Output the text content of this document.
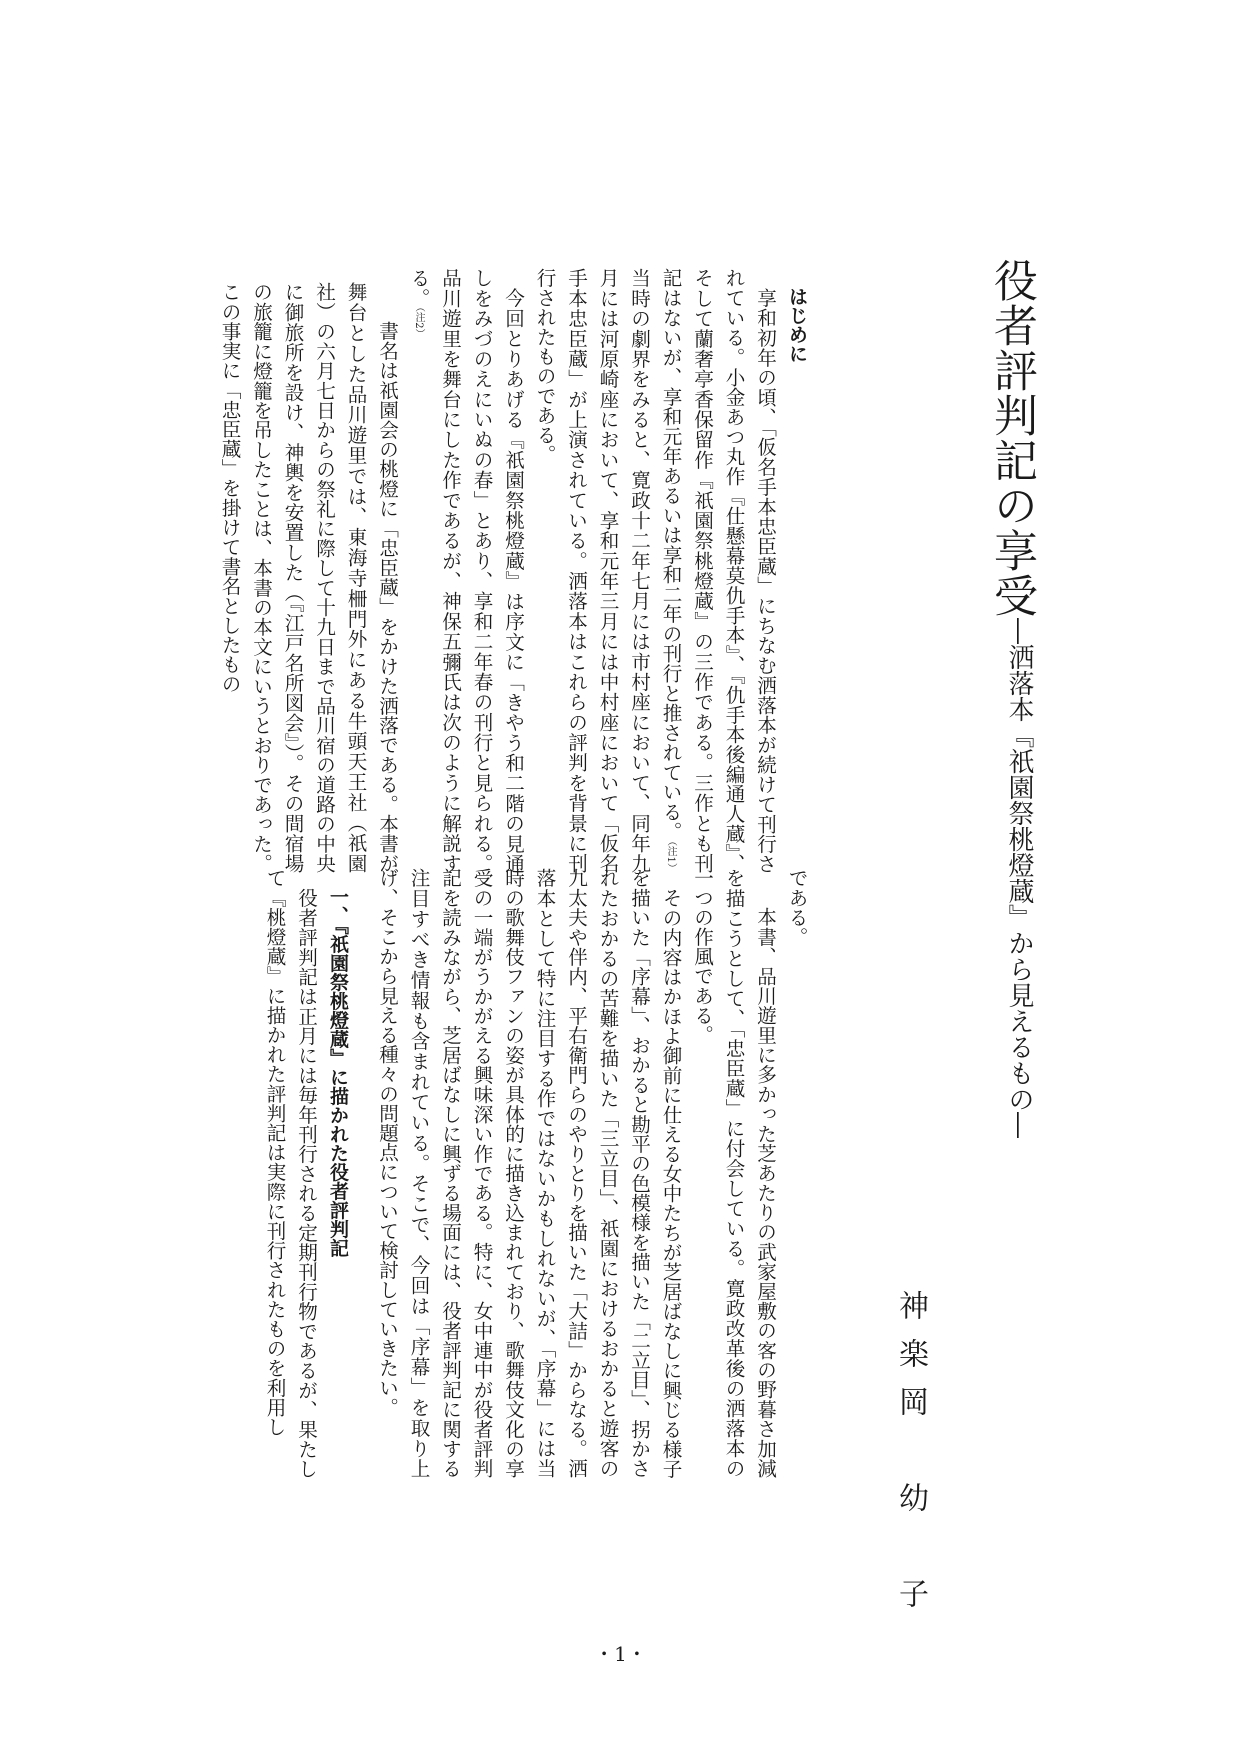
役者評判記の享受
―洒落本『祇園祭桃燈蔵』から見えるもの―
神楽岡　幼　子

はじめに

享和初年の頃、「仮名手本忠臣蔵」にちなむ洒落本が続けて刊行されている。小金あつ丸作『仕懸幕莫仇手本』、『仇手本後編通人蔵』、そして蘭奢亭香保留作『祇園祭桃燈蔵』の三作である。三作とも刊記はないが、享和元年あるいは享和二年の刊行と推されている。（注1）当時の劇界をみると、寛政十二年七月には市村座において、同年九月には河原崎座において、享和元年三月には中村座において「仮名手本忠臣蔵」が上演されている。洒落本はこれらの評判を背景に刊行されたものである。

今回とりあげる『祇園祭桃燈蔵』は序文に「きやう和二階の見通しをみづのえにいぬの春」とあり、享和二年春の刊行と見られる。品川遊里を舞台にした作であるが、神保五彌氏は次のように解説する。（注2）

書名は祇園会の桃燈に「忠臣蔵」をかけた洒落である。本書が舞台とした品川遊里では、東海寺柵門外にある牛頭天王社（祇園社）の六月七日からの祭礼に際して十九日まで品川宿の道路の中央に御旅所を設け、神輿を安置した（『江戸名所図会』）。その間宿場の旅籠に燈籠を吊したことは、本書の本文にいうとおりであった。この事実に「忠臣蔵」を掛けて書名としたもの

である。

本書、品川遊里に多かった芝あたりの武家屋敷の客の野暮さ加減を描こうとして、「忠臣蔵」に付会している。寛政改革後の洒落本の一つの作風である。

その内容はかほよ御前に仕える女中たちが芝居ばなしに興じる様子を描いた「序幕」、おかると勘平の色模様を描いた「二立目」、拐かされたおかるの苦難を描いた「三立目」、祇園におけるおかると遊客の九太夫や伴内、平右衛門らのやりとりを描いた「大詰」からなる。洒落本として特に注目する作ではないかもしれないが、「序幕」には当時の歌舞伎ファンの姿が具体的に描き込まれており、歌舞伎文化の享受の一端がうかがえる興味深い作である。特に、女中連中が役者評判記を読みながら、芝居ばなしに興ずる場面には、役者評判記に関する注目すべき情報も含まれている。そこで、今回は「序幕」を取り上げ、そこから見える種々の問題点について検討していきたい。

一、『祇園祭桃燈蔵』に描かれた役者評判記

役者評判記は正月には毎年刊行される定期刊行物であるが、果たして『桃燈蔵』に描かれた評判記は実際に刊行されたものを利用し

・1・
